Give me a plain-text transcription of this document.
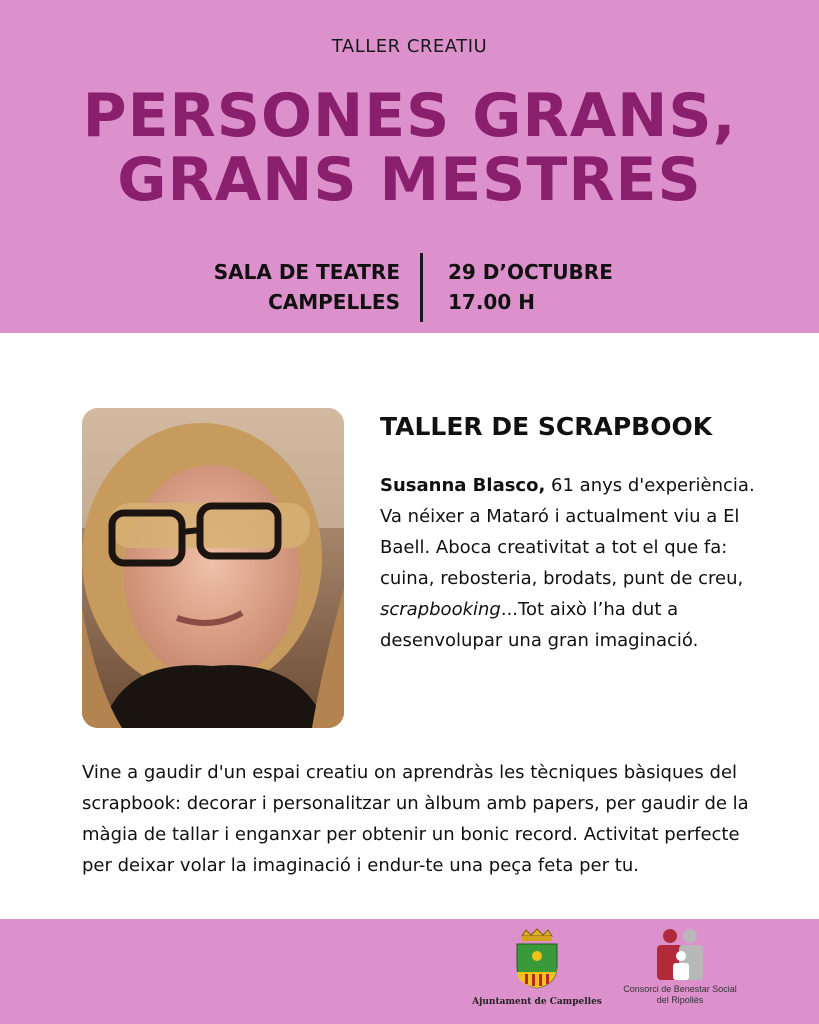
TALLER CREATIU
PERSONES GRANS,
GRANS MESTRES
SALA DE TEATRE
CAMPELLES
29 D’OCTUBRE
17.00 H
TALLER DE SCRAPBOOK
Susanna Blasco, 61 anys d'experiència.
Va néixer a Mataró i actualment viu a El Baell. Aboca creativitat a tot el que fa: cuina, rebosteria, brodats, punt de creu, scrapbooking...Tot això l’ha dut a desenvolupar una gran imaginació.
Vine a gaudir d'un espai creatiu on aprendràs les tècniques bàsiques del scrapbook: decorar i personalitzar un àlbum amb papers, per gaudir de la màgia de tallar i enganxar per obtenir un bonic record. Activitat perfecte per deixar volar la imaginació i endur-te una peça feta per tu.
Ajuntament de Campelles
Consorci de Benestar Social
del Ripollès
